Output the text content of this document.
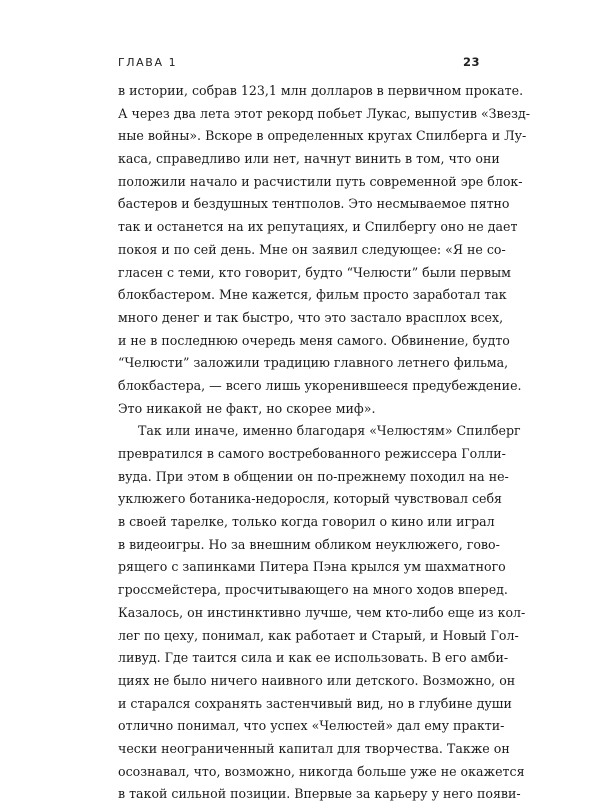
ГЛАВА 1	23
в истории, собрав 123,1 млн долларов в первичном прокате.
А через два лета этот рекорд побьет Лукас, выпустив «Звезд-
ные войны». Вскоре в определенных кругах Спилберга и Лу-
каса, справедливо или нет, начнут винить в том, что они
положили начало и расчистили путь современной эре блок-
бастеров и бездушных тентполов. Это несмываемое пятно
так и останется на их репутациях, и Спилбергу оно не дает
покоя и по сей день. Мне он заявил следующее: «Я не со-
гласен с теми, кто говорит, будто “Челюсти” были первым
блокбастером. Мне кажется, фильм просто заработал так
много денег и так быстро, что это застало врасплох всех,
и не в последнюю очередь меня самого. Обвинение, будто
“Челюсти” заложили традицию главного летнего фильма,
блокбастера, — всего лишь укоренившееся предубеждение.
Это никакой не факт, но скорее миф».
Так или иначе, именно благодаря «Челюстям» Спилберг
превратился в самого востребованного режиссера Голли-
вуда. При этом в общении он по-прежнему походил на не-
уклюжего ботаника-недоросля, который чувствовал себя
в своей тарелке, только когда говорил о кино или играл
в видеоигры. Но за внешним обликом неуклюжего, гово-
рящего с запинками Питера Пэна крылся ум шахматного
гроссмейстера, просчитывающего на много ходов вперед.
Казалось, он инстинктивно лучше, чем кто-либо еще из кол-
лег по цеху, понимал, как работает и Старый, и Новый Гол-
ливуд. Где таится сила и как ее использовать. В его амби-
циях не было ничего наивного или детского. Возможно, он
и старался сохранять застенчивый вид, но в глубине души
отлично понимал, что успех «Челюстей» дал ему практи-
чески неограниченный капитал для творчества. Также он
осознавал, что, возможно, никогда больше уже не окажется
в такой сильной позиции. Впервые за карьеру у него появи-
